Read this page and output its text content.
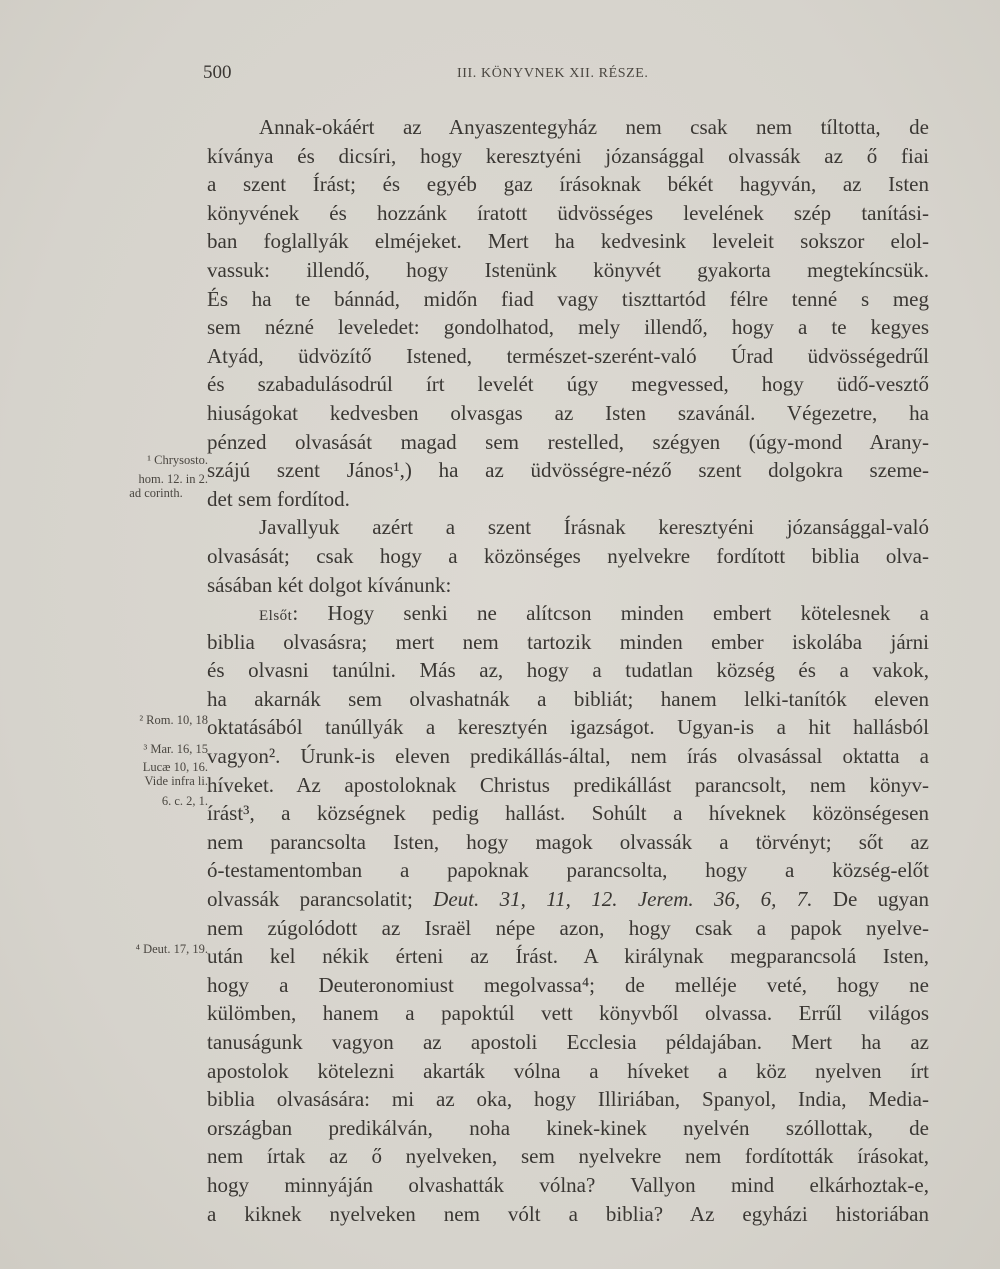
500	III. KÖNYVNEK XII. RÉSZE.
¹ Chrysosto.
hom. 12. in 2.
ad corinth.
² Rom. 10, 18
³ Mar. 16, 15
Lucæ 10, 16.
Vide infra li.
6. c. 2, 1.
⁴ Deut. 17, 19.
Annak-okáért az Anyaszentegyház nem csak nem tíltotta, de
kíványa és dicsíri, hogy keresztyéni józansággal olvassák az ő fiai
a szent Írást; és egyéb gaz írásoknak békét hagyván, az Isten
könyvének és hozzánk íratott üdvösséges levelének szép tanítási-
ban foglallyák elméjeket. Mert ha kedvesink leveleit sokszor elol-
vassuk: illendő, hogy Istenünk könyvét gyakorta megtekíncsük.
És ha te bánnád, midőn fiad vagy tiszttartód félre tenné s meg
sem nézné leveledet: gondolhatod, mely illendő, hogy a te kegyes
Atyád, üdvözítő Istened, természet-szerént-való Úrad üdvösségedrűl
és szabadulásodrúl írt levelét úgy megvessed, hogy üdő-vesztő
hiuságokat kedvesben olvasgas az Isten szavánál. Végezetre, ha
pénzed olvasását magad sem restelled, szégyen (úgy-mond Arany-
szájú szent János¹,) ha az üdvösségre-néző szent dolgokra szeme-
det sem fordítod.
Javallyuk azért a szent Írásnak keresztyéni józansággal-való
olvasását; csak hogy a közönséges nyelvekre fordított biblia olva-
sásában két dolgot kívánunk:
Elsőt: Hogy senki ne alítcson minden embert kötelesnek a
biblia olvasásra; mert nem tartozik minden ember iskolába járni
és olvasni tanúlni. Más az, hogy a tudatlan község és a vakok,
ha akarnák sem olvashatnák a bibliát; hanem lelki-tanítók eleven
oktatásából tanúllyák a keresztyén igazságot. Ugyan-is a hit hallásból
vagyon². Úrunk-is eleven predikállás-által, nem írás olvasással oktatta a
híveket. Az apostoloknak Christus predikállást parancsolt, nem könyv-
írást³, a községnek pedig hallást. Sohúlt a híveknek közönségesen
nem parancsolta Isten, hogy magok olvassák a törvényt; sőt az
ó-testamentomban a papoknak parancsolta, hogy a község-előt
olvassák parancsolatit; Deut. 31, 11, 12. Jerem. 36, 6, 7. De ugyan
nem zúgolódott az Israël népe azon, hogy csak a papok nyelve-
után kel nékik érteni az Írást. A királynak megparancsolá Isten,
hogy a Deuteronomiust megolvassa⁴; de melléje veté, hogy ne
külömben, hanem a papoktúl vett könyvből olvassa. Errűl világos
tanuságunk vagyon az apostoli Ecclesia példajában. Mert ha az
apostolok kötelezni akarták vólna a híveket a köz nyelven írt
biblia olvasására: mi az oka, hogy Illiriában, Spanyol, India, Media-
országban predikálván, noha kinek-kinek nyelvén szóllottak, de
nem írtak az ő nyelveken, sem nyelvekre nem fordították írásokat,
hogy minnyáján olvashatták vólna? Vallyon mind elkárhoztak-e,
a kiknek nyelveken nem vólt a biblia? Az egyházi historiában
